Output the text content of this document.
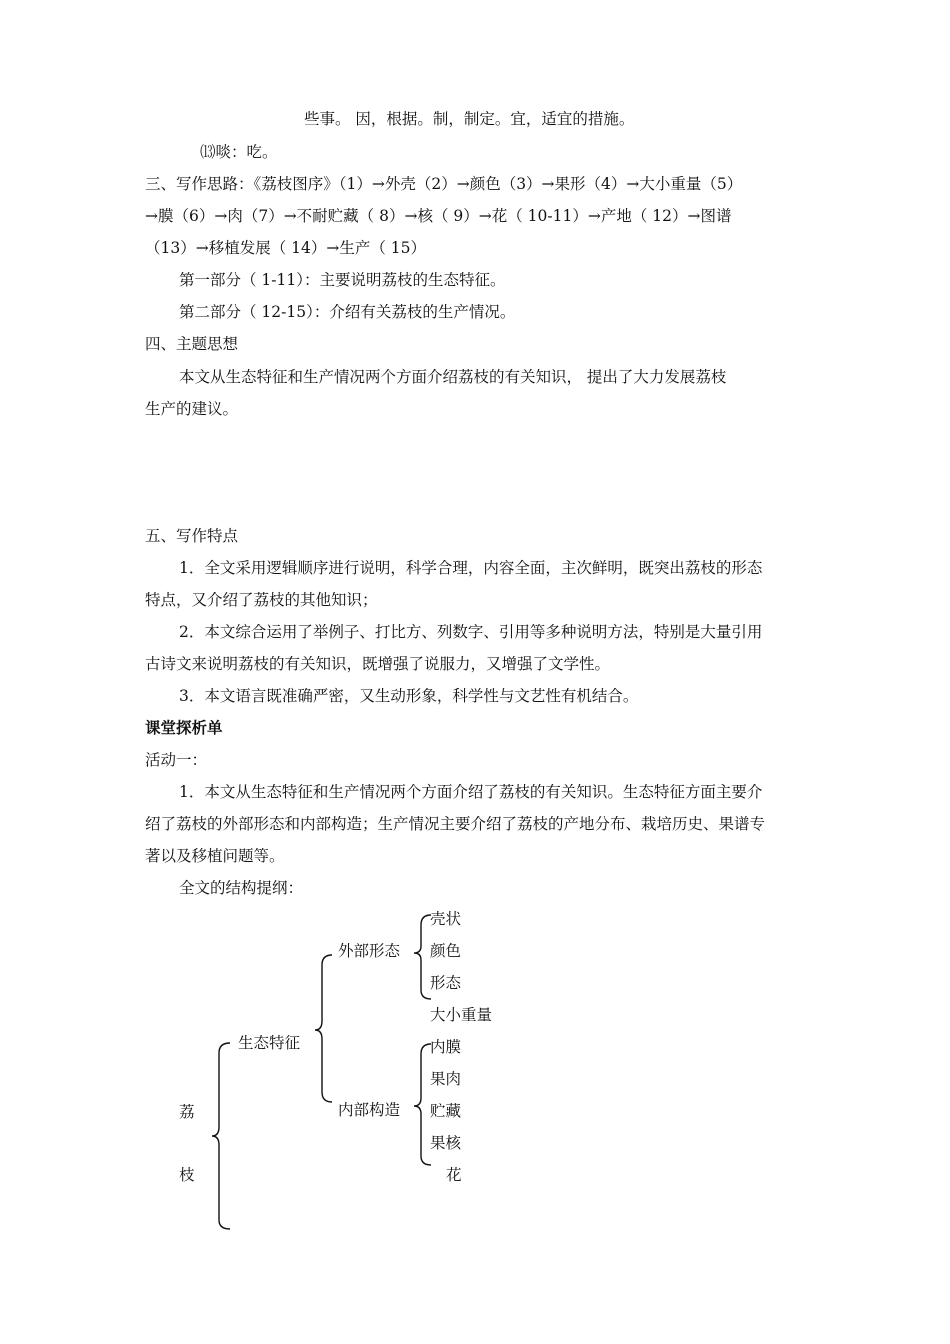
些事。 因，根据。制，制定。宜，适宜的措施。
⒀啖：吃。
三、写作思路：《荔枝图序》（1）→外壳（2）→颜色（3）→果形（4）→大小重量（5）
→膜（6）→肉（7）→不耐贮藏（ 8）→核（ 9）→花（ 10-11）→产地（ 12）→图谱
（13）→移植发展（ 14）→生产（ 15）
第一部分（ 1-11）：主要说明荔枝的生态特征。
第二部分（ 12-15）：介绍有关荔枝的生产情况。
四、主题思想
本文从生态特征和生产情况两个方面介绍荔枝的有关知识， 提出了大力发展荔枝
生产的建议。
五、写作特点
1．全文采用逻辑顺序进行说明，科学合理，内容全面，主次鲜明，既突出荔枝的形态
特点，又介绍了荔枝的其他知识；
2．本文综合运用了举例子、打比方、列数字、引用等多种说明方法，特别是大量引用
古诗文来说明荔枝的有关知识，既增强了说服力，又增强了文学性。
3．本文语言既准确严密，又生动形象，科学性与文艺性有机结合。
课堂探析单
活动一：
1．本文从生态特征和生产情况两个方面介绍了荔枝的有关知识。生态特征方面主要介
绍了荔枝的外部形态和内部构造；生产情况主要介绍了荔枝的产地分布、栽培历史、果谱专
著以及移植问题等。
全文的结构提纲：
荔
枝
生态特征
外部形态
内部构造
壳状
颜色
形态
大小重量
内膜
果肉
贮藏
果核
花
